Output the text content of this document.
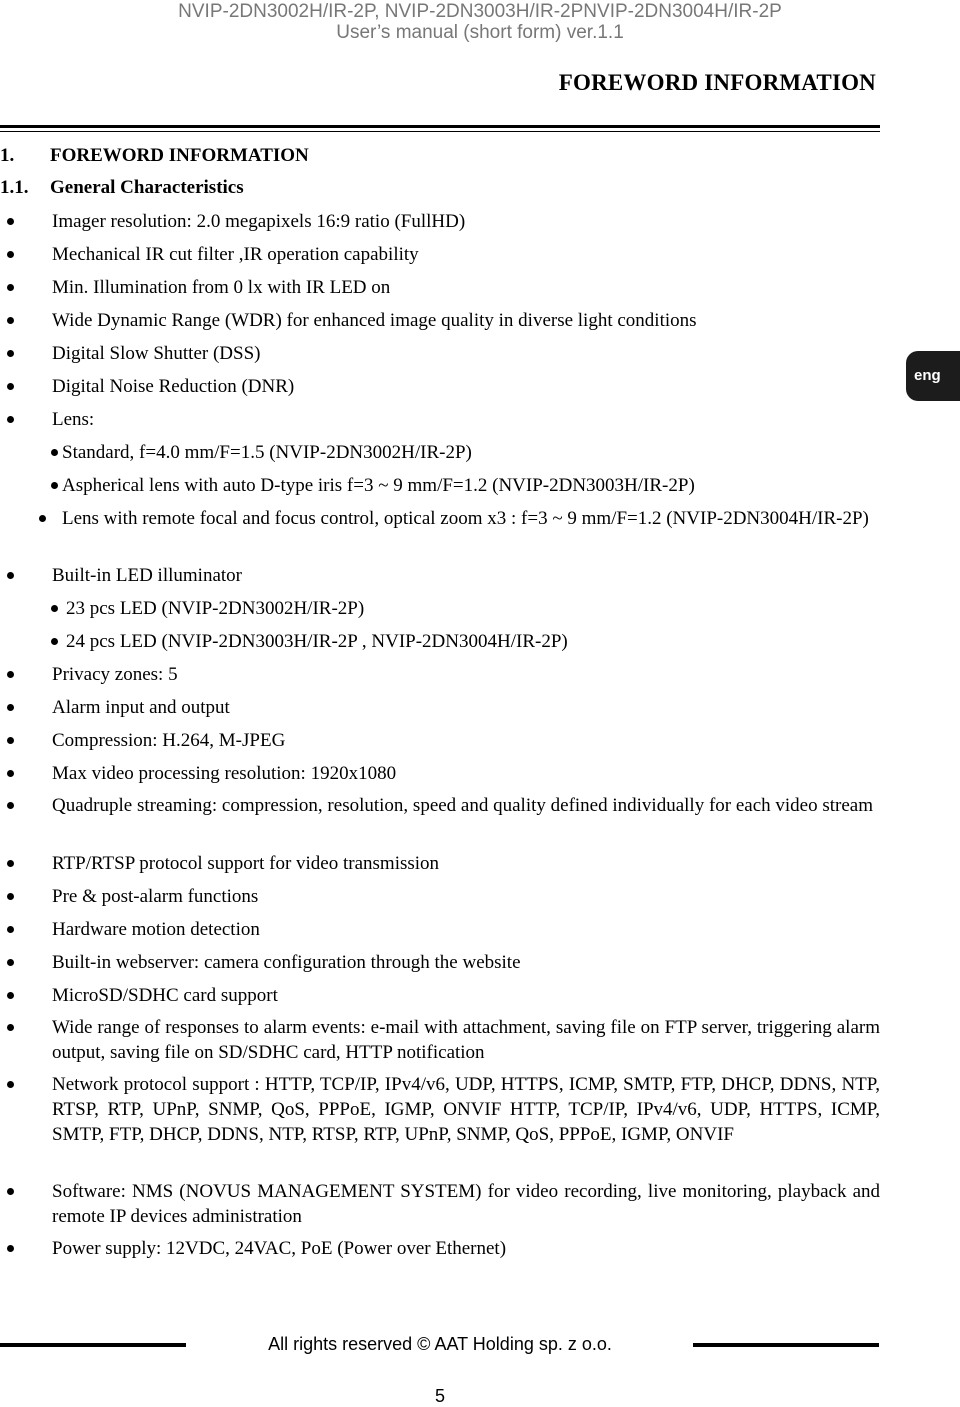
NVIP-2DN3002H/IR-2P, NVIP-2DN3003H/IR-2PNVIP-2DN3004H/IR-2P
User’s manual (short form) ver.1.1
FOREWORD INFORMATION
1. FOREWORD INFORMATION
1.1. General Characteristics
Imager resolution: 2.0 megapixels 16:9 ratio (FullHD)
Mechanical IR cut filter ,IR operation capability
Min. Illumination from 0 lx with IR LED on
Wide Dynamic Range (WDR) for enhanced image quality in diverse light conditions
Digital Slow Shutter (DSS)
Digital Noise Reduction (DNR)
Lens:
Standard, f=4.0 mm/F=1.5 (NVIP-2DN3002H/IR-2P)
Aspherical lens with auto D-type iris f=3 ~ 9 mm/F=1.2 (NVIP-2DN3003H/IR-2P)
Lens with remote focal and focus control, optical zoom x3 : f=3 ~ 9 mm/F=1.2 (NVIP-2DN3004H/IR-2P)
Built-in LED illuminator
23 pcs LED (NVIP-2DN3002H/IR-2P)
24 pcs LED (NVIP-2DN3003H/IR-2P , NVIP-2DN3004H/IR-2P)
Privacy zones: 5
Alarm input and output
Compression: H.264, M-JPEG
Max video processing resolution: 1920x1080
Quadruple streaming: compression, resolution, speed and quality defined individually for each video stream
RTP/RTSP protocol support for video transmission
Pre & post-alarm functions
Hardware motion detection
Built-in webserver: camera configuration through the website
MicroSD/SDHC card support
Wide range of responses to alarm events: e-mail with attachment, saving file on FTP server, triggering alarm output, saving file on SD/SDHC card, HTTP notification
Network protocol support : HTTP, TCP/IP, IPv4/v6, UDP, HTTPS, ICMP, SMTP, FTP, DHCP, DDNS, NTP, RTSP, RTP, UPnP, SNMP, QoS, PPPoE, IGMP, ONVIF HTTP, TCP/IP, IPv4/v6, UDP, HTTPS, ICMP, SMTP, FTP, DHCP, DDNS, NTP, RTSP, RTP, UPnP, SNMP, QoS, PPPoE, IGMP, ONVIF
Software: NMS (NOVUS MANAGEMENT SYSTEM) for video recording, live monitoring, playback and remote IP devices administration
Power supply: 12VDC, 24VAC, PoE (Power over Ethernet)
eng
All rights reserved © AAT Holding sp. z o.o.
5
